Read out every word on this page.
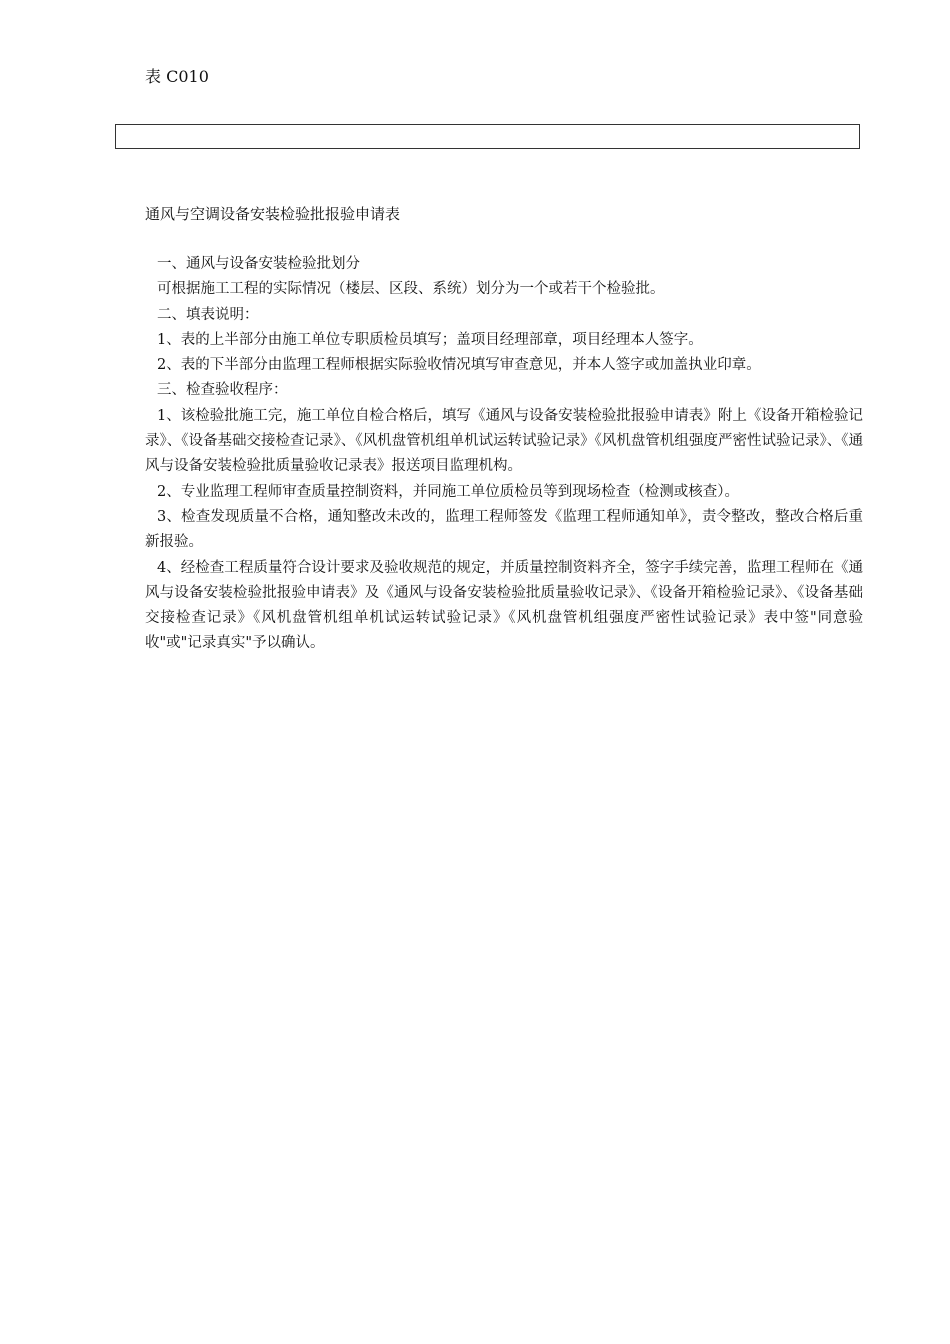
表 C010
通风与空调设备安装检验批报验申请表

一、通风与设备安装检验批划分

可根据施工工程的实际情况（楼层、区段、系统）划分为一个或若干个检验批。

二、填表说明：

1、表的上半部分由施工单位专职质检员填写；盖项目经理部章，项目经理本人签字。

2、表的下半部分由监理工程师根据实际验收情况填写审查意见，并本人签字或加盖执业印章。

三、检查验收程序：

1、该检验批施工完，施工单位自检合格后，填写《通风与设备安装检验批报验申请表》附上《设备开箱检验记录》、《设备基础交接检查记录》、《风机盘管机组单机试运转试验记录》《风机盘管机组强度严密性试验记录》、《通风与设备安装检验批质量验收记录表》报送项目监理机构。

2、专业监理工程师审查质量控制资料，并同施工单位质检员等到现场检查（检测或核查）。

3、检查发现质量不合格，通知整改未改的，监理工程师签发《监理工程师通知单》，责令整改，整改合格后重新报验。

4、经检查工程质量符合设计要求及验收规范的规定，并质量控制资料齐全，签字手续完善，监理工程师在《通风与设备安装检验批报验申请表》及《通风与设备安装检验批质量验收记录》、《设备开箱检验记录》、《设备基础交接检查记录》《风机盘管机组单机试运转试验记录》《风机盘管机组强度严密性试验记录》表中签"同意验收"或"记录真实"予以确认。
